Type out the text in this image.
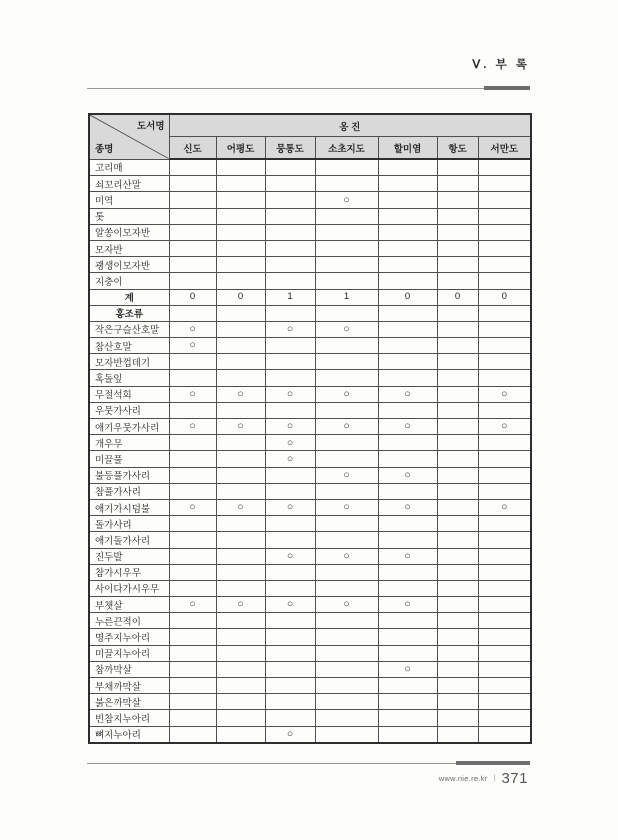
Ⅴ. 부 록
도서명
종명	옹 진						
	신도	어평도	뭉통도	소초지도	할미염	항도	서만도
고리매							
쇠꼬리산말							
미역				○			
톳							
알쏭이모자반							
모자반							
괭생이모자반							
지충이							
계	0	0	1	1	0	0	0
홍조류							
작은구슬산호말	○		○	○			
참산호말	○						
모자반껍데기							
혹돌잎							
무절석회	○	○	○	○	○		○
우뭇가사리							
애기우뭇가사리	○	○	○	○	○		○
개우무			○				
미끌풀			○				
불등풀가사리				○	○		
참풀가사리							
애기가시덤불	○	○	○	○	○		○
돌가사리							
애기돌가사리							
진두발			○	○	○		
참가시우무							
사이다가시우무							
부챗살	○	○	○	○	○		
누른끈적이							
명주지누아리							
미끌지누아리							
참까막살					○		
부채까막살							
붉은까막살							
빈참지누아리							
뼈지누아리			○				
www.nie.re.kr | 371
